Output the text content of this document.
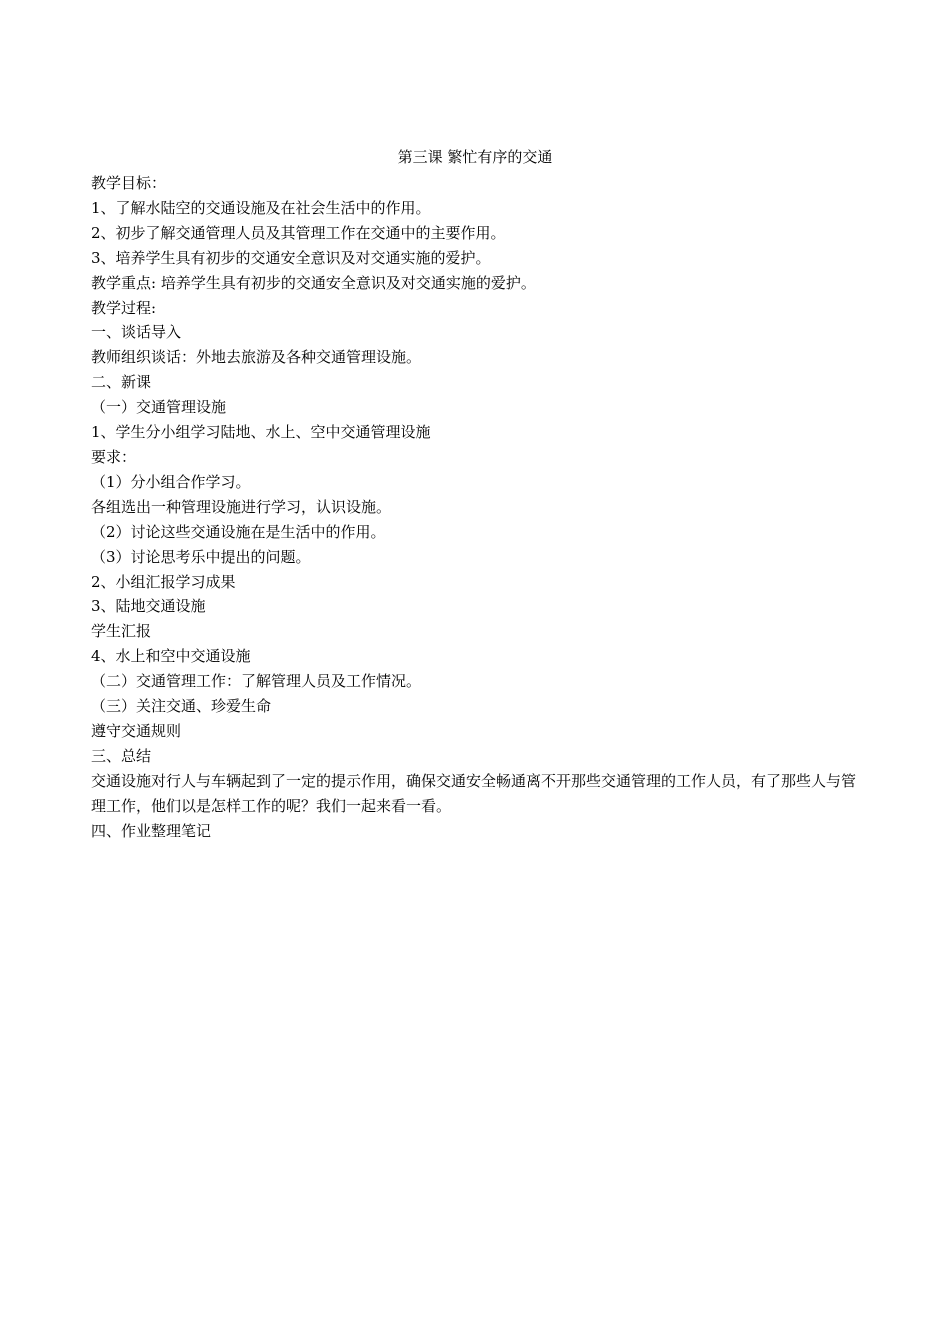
第三课 繁忙有序的交通

教学目标：

1、了解水陆空的交通设施及在社会生活中的作用。

2、初步了解交通管理人员及其管理工作在交通中的主要作用。

3、培养学生具有初步的交通安全意识及对交通实施的爱护。

教学重点: 培养学生具有初步的交通安全意识及对交通实施的爱护。

教学过程:

一、谈话导入

教师组织谈话：外地去旅游及各种交通管理设施。

二、新课

（一）交通管理设施

1、学生分小组学习陆地、水上、空中交通管理设施

要求：

（1）分小组合作学习。

各组选出一种管理设施进行学习，认识设施。

（2）讨论这些交通设施在是生活中的作用。

（3）讨论思考乐中提出的问题。

2、小组汇报学习成果

3、陆地交通设施

学生汇报

4、水上和空中交通设施

（二）交通管理工作：了解管理人员及工作情况。

（三）关注交通、珍爱生命

遵守交通规则

三、总结

交通设施对行人与车辆起到了一定的提示作用，确保交通安全畅通离不开那些交通管理的工作人员，有了那些人与管理工作，他们以是怎样工作的呢？我们一起来看一看。

四、作业整理笔记
